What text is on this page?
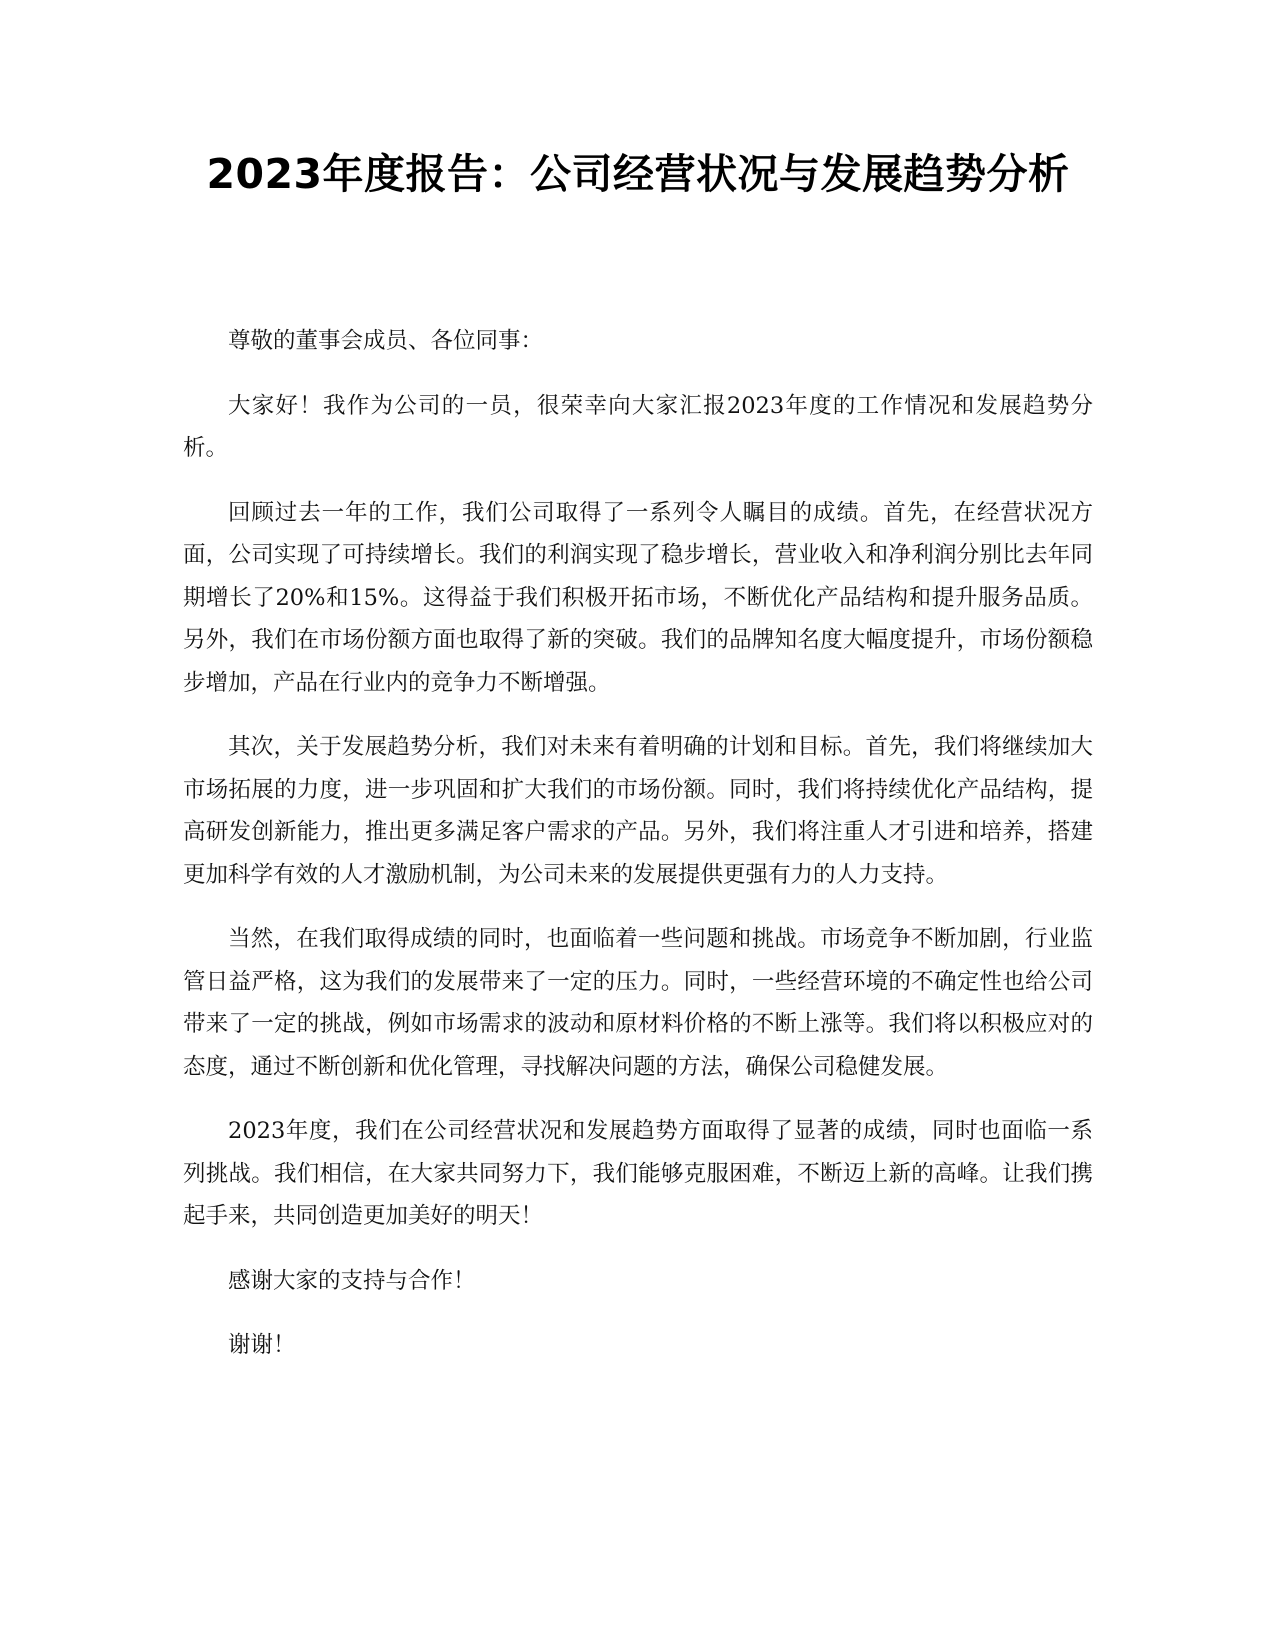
2023年度报告：公司经营状况与发展趋势分析

尊敬的董事会成员、各位同事：

大家好！我作为公司的一员，很荣幸向大家汇报2023年度的工作情况和发展趋势分析。

回顾过去一年的工作，我们公司取得了一系列令人瞩目的成绩。首先，在经营状况方面，公司实现了可持续增长。我们的利润实现了稳步增长，营业收入和净利润分别比去年同期增长了20%和15%。这得益于我们积极开拓市场，不断优化产品结构和提升服务品质。另外，我们在市场份额方面也取得了新的突破。我们的品牌知名度大幅度提升，市场份额稳步增加，产品在行业内的竞争力不断增强。

其次，关于发展趋势分析，我们对未来有着明确的计划和目标。首先，我们将继续加大市场拓展的力度，进一步巩固和扩大我们的市场份额。同时，我们将持续优化产品结构，提高研发创新能力，推出更多满足客户需求的产品。另外，我们将注重人才引进和培养，搭建更加科学有效的人才激励机制，为公司未来的发展提供更强有力的人力支持。

当然，在我们取得成绩的同时，也面临着一些问题和挑战。市场竞争不断加剧，行业监管日益严格，这为我们的发展带来了一定的压力。同时，一些经营环境的不确定性也给公司带来了一定的挑战，例如市场需求的波动和原材料价格的不断上涨等。我们将以积极应对的态度，通过不断创新和优化管理，寻找解决问题的方法，确保公司稳健发展。

2023年度，我们在公司经营状况和发展趋势方面取得了显著的成绩，同时也面临一系列挑战。我们相信，在大家共同努力下，我们能够克服困难，不断迈上新的高峰。让我们携起手来，共同创造更加美好的明天！

感谢大家的支持与合作！

谢谢！
